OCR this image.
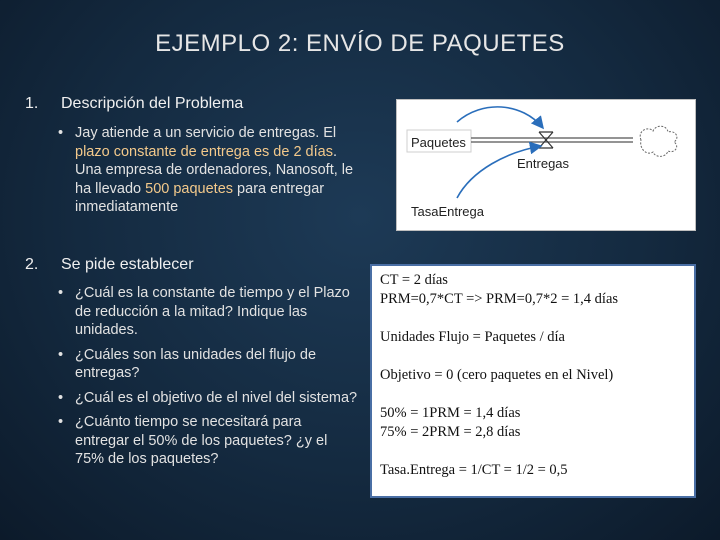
EJEMPLO 2: ENVÍO DE PAQUETES
1. Descripción del Problema
• Jay atiende a un servicio de entregas. El plazo constante de entrega es de 2 días. Una empresa de ordenadores, Nanosoft, le ha llevado 500 paquetes para entregar inmediatamente
2. Se pide establecer
• ¿Cuál es la constante de tiempo y el Plazo de reducción a la mitad? Indique las unidades.
• ¿Cuáles son las unidades del flujo de entregas?
• ¿Cuál es el objetivo de el nivel del sistema?
• ¿Cuánto tiempo se necesitará para entregar el 50% de los paquetes? ¿y el 75% de los paquetes?
Paquetes
Entregas
TasaEntrega
CT = 2 días
PRM=0,7*CT => PRM=0,7*2 = 1,4 días
Unidades Flujo = Paquetes / día
Objetivo = 0 (cero paquetes en el Nivel)
50% = 1PRM = 1,4 días
75% = 2PRM = 2,8 días
Tasa.Entrega = 1/CT = 1/2 = 0,5
